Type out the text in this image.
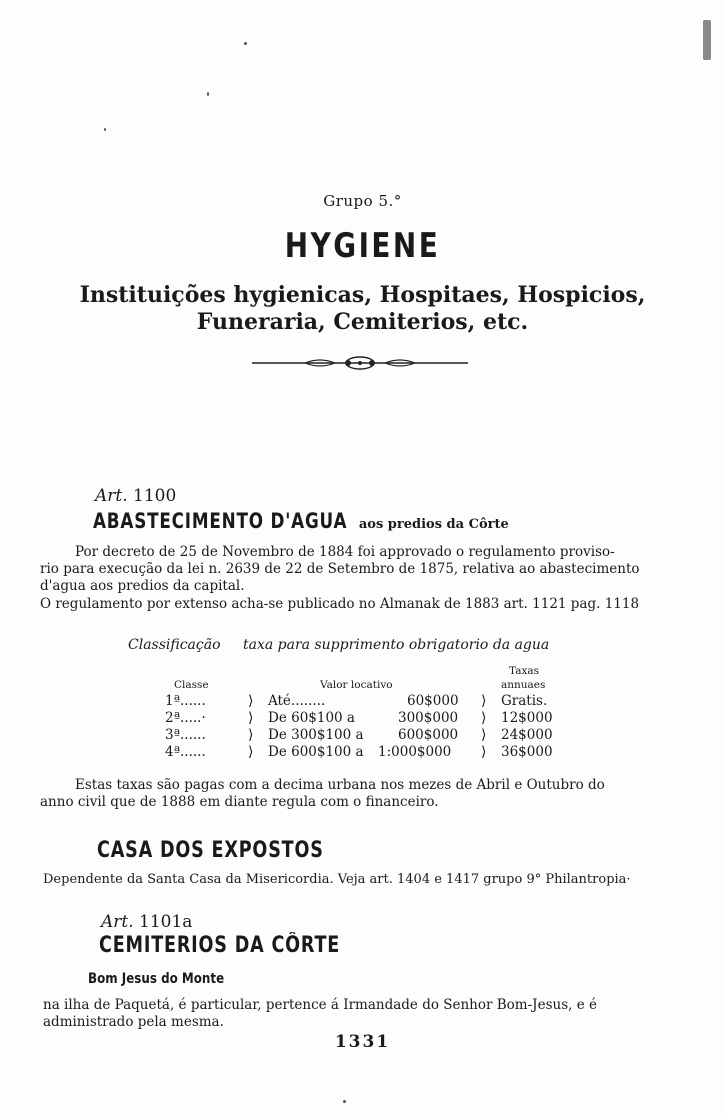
Grupo 5.°
HYGIENE
Instituições hygienicas, Hospitaes, Hospicios,
Funeraria, Cemiterios, etc.
Art. 1100
ABASTECIMENTO D'AGUA aos predios da Côrte
Por decreto de 25 de Novembro de 1884 foi approvado o regulamento proviso-
rio para execução da lei n. 2639 de 22 de Setembro de 1875, relativa ao abastecimento
d'agua aos predios da capital.
O regulamento por extenso acha-se publicado no Almanak de 1883 art. 1121 pag. 1118
Classificação taxa para supprimento obrigatorio da agua
Taxas
Classe	Valor locativo	annuaes
1ª......	⟩ Até........	60$000 ⟩ Gratis.
2ª.....·	⟩ De 60$100 a	300$000 ⟩ 12$000
3ª......	⟩ De 300$100 a	600$000 ⟩ 24$000
4ª......	⟩ De 600$100 a 1:000$000 ⟩ 36$000
Estas taxas são pagas com a decima urbana nos mezes de Abril e Outubro do
anno civil que de 1888 em diante regula com o financeiro.
CASA DOS EXPOSTOS
Dependente da Santa Casa da Misericordia. Veja art. 1404 e 1417 grupo 9° Philantropia·
Art. 1101a
CEMITERIOS DA CÔRTE
Bom Jesus do Monte
na ilha de Paquetá, é particular, pertence á Irmandade do Senhor Bom-Jesus, e é
administrado pela mesma.
1331
